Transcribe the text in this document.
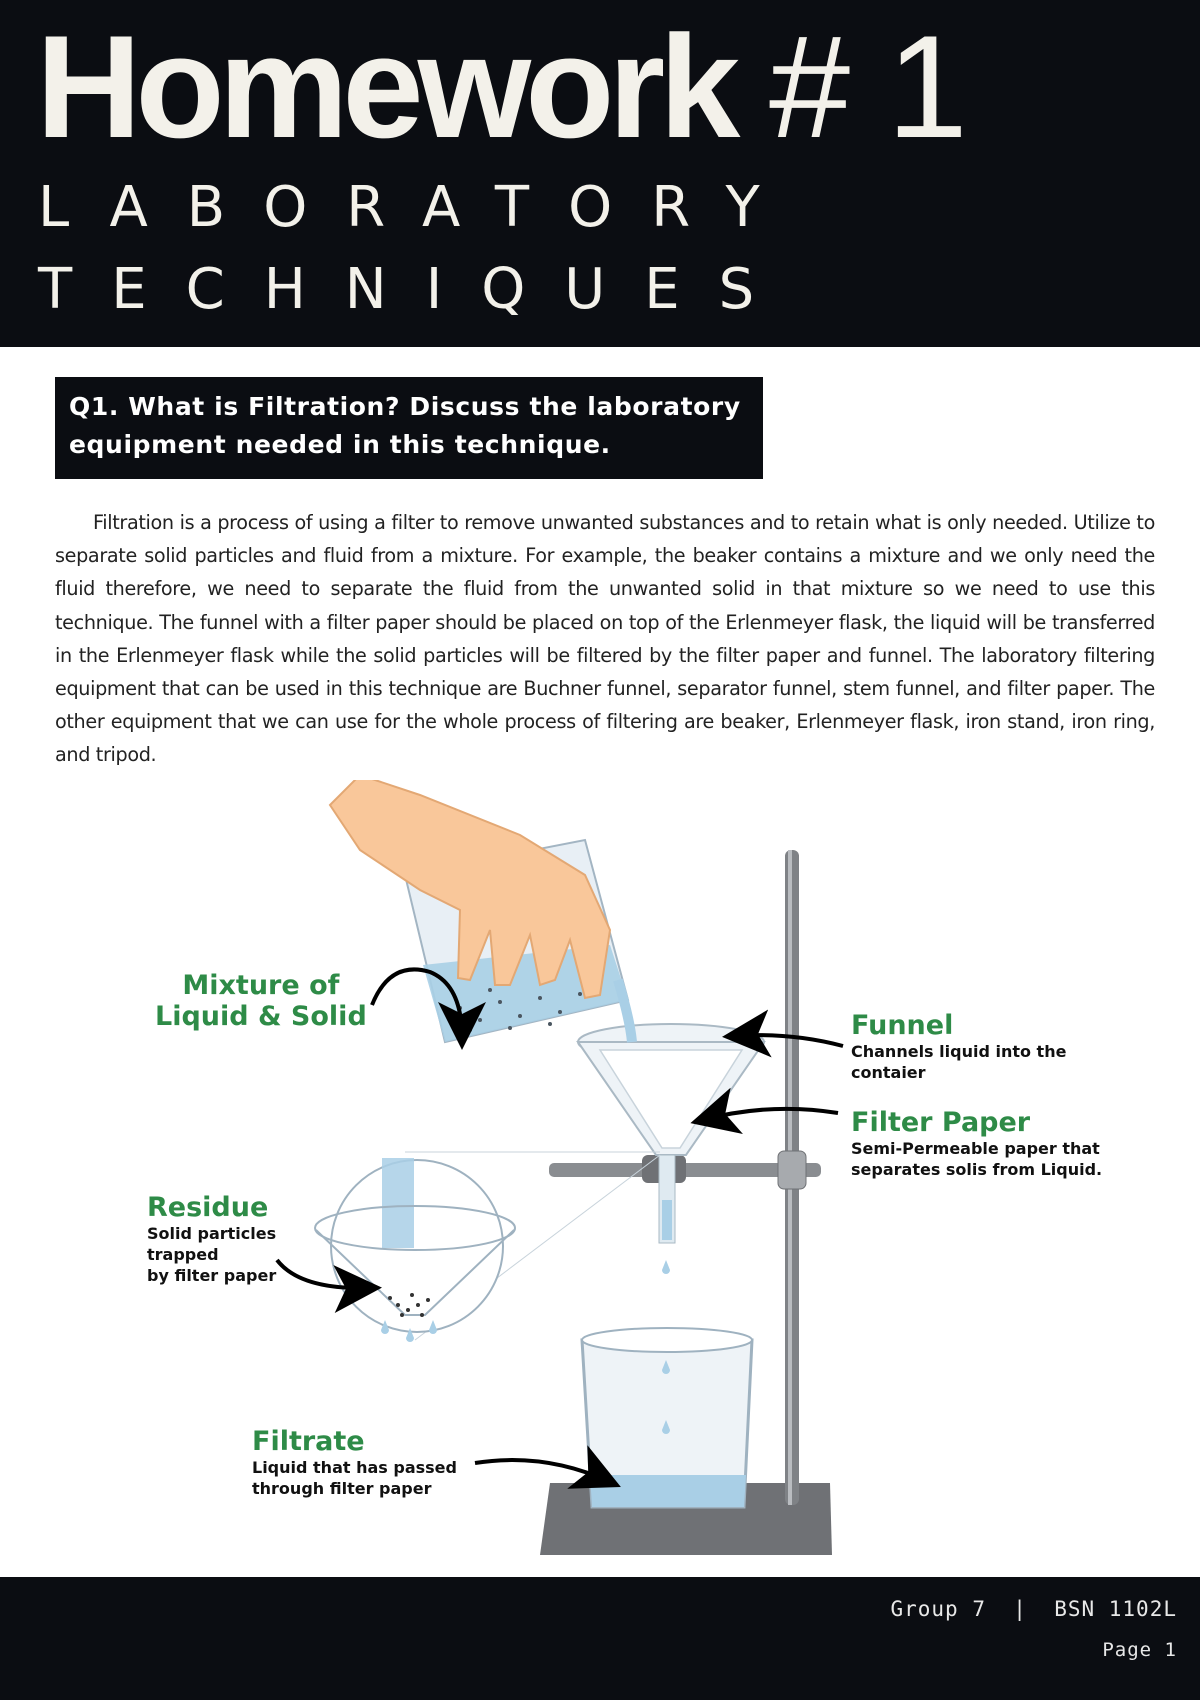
Homework # 1
LABORATORY
TECHNIQUES
Q1. What is Filtration? Discuss the laboratory
equipment needed in this technique.

Filtration is a process of using a filter to remove unwanted substances and to retain what is only needed. Utilize to separate solid particles and fluid from a mixture. For example, the beaker contains a mixture and we only need the fluid therefore, we need to separate the fluid from the unwanted solid in that mixture so we need to use this technique. The funnel with a filter paper should be placed on top of the Erlenmeyer flask, the liquid will be transferred in the Erlenmeyer flask while the solid particles will be filtered by the filter paper and funnel. The laboratory filtering equipment that can be used in this technique are Buchner funnel, separator funnel, stem funnel, and filter paper. The other equipment that we can use for the whole process of filtering are beaker, Erlenmeyer flask, iron stand, iron ring, and tripod.

Mixture of
Liquid & Solid	Funnel
Channels liquid into the
contaier
Filter Paper
Semi-Permeable paper that
separates solis from Liquid.
Residue
Solid particles
trapped
by filter paper
Filtrate
Liquid that has passed
through filter paper
Group 7  |  BSN 1102L
Page 1
